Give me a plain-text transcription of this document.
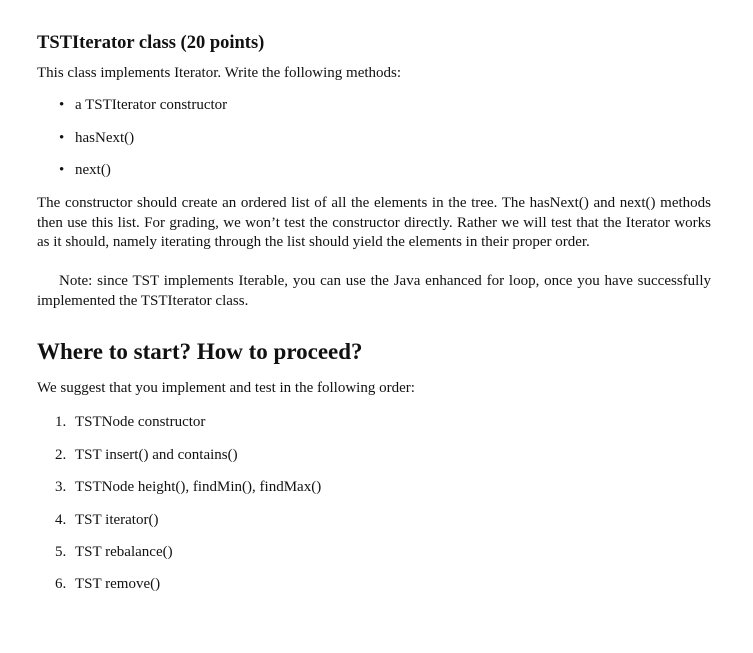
TSTIterator class (20 points)

This class implements Iterator. Write the following methods:

• a TSTIterator constructor
• hasNext()
• next()

The constructor should create an ordered list of all the elements in the tree. The hasNext() and next() methods then use this list. For grading, we won’t test the constructor directly. Rather we will test that the Iterator works as it should, namely iterating through the list should yield the elements in their proper order.

Note: since TST implements Iterable, you can use the Java enhanced for loop, once you have successfully implemented the TSTIterator class.

Where to start? How to proceed?

We suggest that you implement and test in the following order:

1. TSTNode constructor
2. TST insert() and contains()
3. TSTNode height(), findMin(), findMax()
4. TST iterator()
5. TST rebalance()
6. TST remove()
